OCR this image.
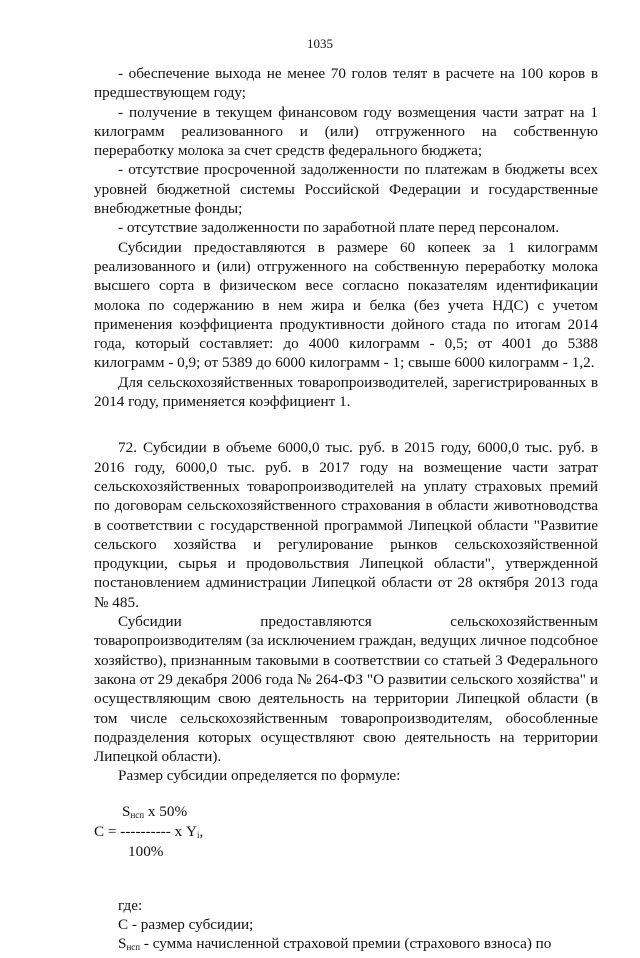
1035

- обеспечение выхода не менее 70 голов телят в расчете на 100 коров в предшествующем году;

- получение в текущем финансовом году возмещения части затрат на 1 килограмм реализованного и (или) отгруженного на собственную переработку молока за счет средств федерального бюджета;

- отсутствие просроченной задолженности по платежам в бюджеты всех уровней бюджетной системы Российской Федерации и государственные внебюджетные фонды;

- отсутствие задолженности по заработной плате перед персоналом.

Субсидии предоставляются в размере 60 копеек за 1 килограмм реализованного и (или) отгруженного на собственную переработку молока высшего сорта в физическом весе согласно показателям идентификации молока по содержанию в нем жира и белка (без учета НДС) с учетом применения коэффициента продуктивности дойного стада по итогам 2014 года, который составляет: до 4000 килограмм - 0,5; от 4001 до 5388 килограмм - 0,9; от 5389 до 6000 килограмм - 1; свыше 6000 килограмм - 1,2.

Для сельскохозяйственных товаропроизводителей, зарегистрированных в 2014 году, применяется коэффициент 1.

72. Субсидии в объеме 6000,0 тыс. руб. в 2015 году, 6000,0 тыс. руб. в 2016 году, 6000,0 тыс. руб. в 2017 году на возмещение части затрат сельскохозяйственных товаропроизводителей на уплату страховых премий по договорам сельскохозяйственного страхования в области животноводства в соответствии с государственной программой Липецкой области "Развитие сельского хозяйства и регулирование рынков сельскохозяйственной продукции, сырья и продовольствия Липецкой области", утвержденной постановлением администрации Липецкой области от 28 октября 2013 года № 485.

Субсидии предоставляются сельскохозяйственным товаропроизводителям (за исключением граждан, ведущих личное подсобное хозяйство), признанным таковыми в соответствии со статьей 3 Федерального закона от 29 декабря 2006 года № 264-ФЗ "О развитии сельского хозяйства" и осуществляющим свою деятельность на территории Липецкой области (в том числе сельскохозяйственным товаропроизводителям, обособленные подразделения которых осуществляют свою деятельность на территории Липецкой области).

Размер субсидии определяется по формуле:

$S_{нсп}$ х 50%
С = ---------- х $Y_i$,
100%

где:

С - размер субсидии;

$S_{нсп}$ - сумма начисленной страховой премии (страхового взноса) по
